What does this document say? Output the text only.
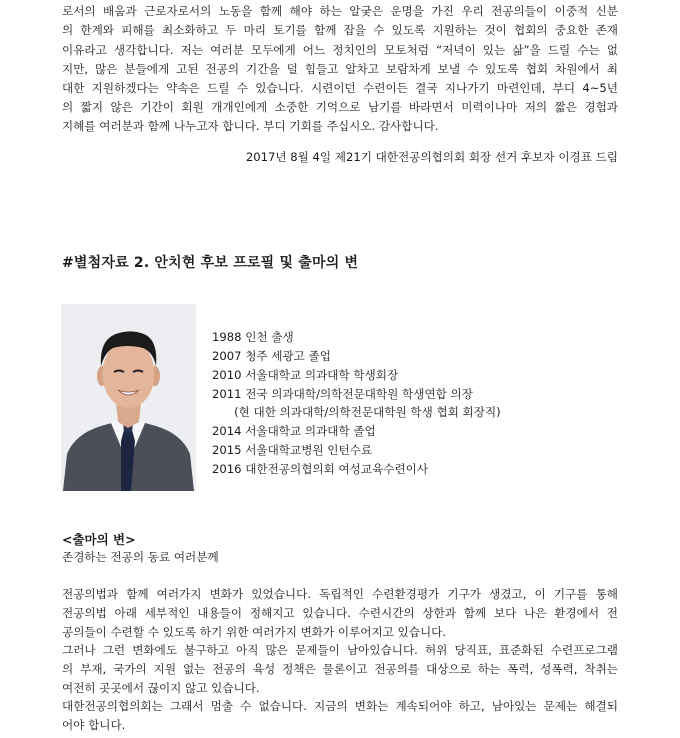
로서의 배움과 근로자로서의 노동을 함께 해야 하는 알궂은 운명을 가진 우리 전공의들이 이중적 신분
의 한계와 피해를 최소화하고 두 마리 토기를 함께 잡을 수 있도록 지원하는 것이 협회의 중요한 존재
이유라고 생각합니다. 저는 여러분 모두에게 어느 정치인의 모토처럼 “저녁이 있는 삶”을 드릴 수는 없
지만, 많은 분들에게 고된 전공의 기간을 덜 힘들고 알차고 보람차게 보낼 수 있도록 협회 차원에서 최
대한 지원하겠다는 약속은 드릴 수 있습니다. 시련이던 수련이든 결국 지나가기 마련인데, 부디 4~5년
의 짧지 않은 기간이 회원 개개인에게 소중한 기억으로 남기를 바라면서 미력이나마 저의 짧은 경험과
지혜를 여러분과 함께 나누고자 합니다. 부디 기회를 주십시오. 감사합니다.
2017년 8월 4일 제21기 대한전공의협의회 회장 선거 후보자 이경표 드림
#별첨자료 2. 안치현 후보 프로필 및 출마의 변
1988 인천 출생
2007 청주 세광고 졸업
2010 서울대학교 의과대학 학생회장
2011 전국 의과대학/의학전문대학원 학생연합 의장
(현 대한 의과대학/의학전문대학원 학생 협회 회장직)
2014 서울대학교 의과대학 졸업
2015 서울대학교병원 인턴수료
2016 대한전공의협의회 여성교육수련이사
<출마의 변>
존경하는 전공의 동료 여러분께
전공의법과 함께 여러가지 변화가 있었습니다. 독립적인 수련환경평가 기구가 생겼고, 이 기구를 통해
전공의법 아래 세부적인 내용들이 정해지고 있습니다. 수련시간의 상한과 함께 보다 나은 환경에서 전
공의들이 수련할 수 있도록 하기 위한 여러가지 변화가 이루어지고 있습니다.
그러나 그런 변화에도 불구하고 아직 많은 문제들이 남아있습니다. 허위 당직표, 표준화된 수련프로그램
의 부재, 국가의 지원 없는 전공의 육성 정책은 물론이고 전공의를 대상으로 하는 폭력, 성폭력, 착취는
여전히 곳곳에서 끊이지 않고 있습니다.
대한전공의협의회는 그래서 멈출 수 없습니다. 지금의 변화는 계속되어야 하고, 남아있는 문제는 해결되
어야 합니다.
